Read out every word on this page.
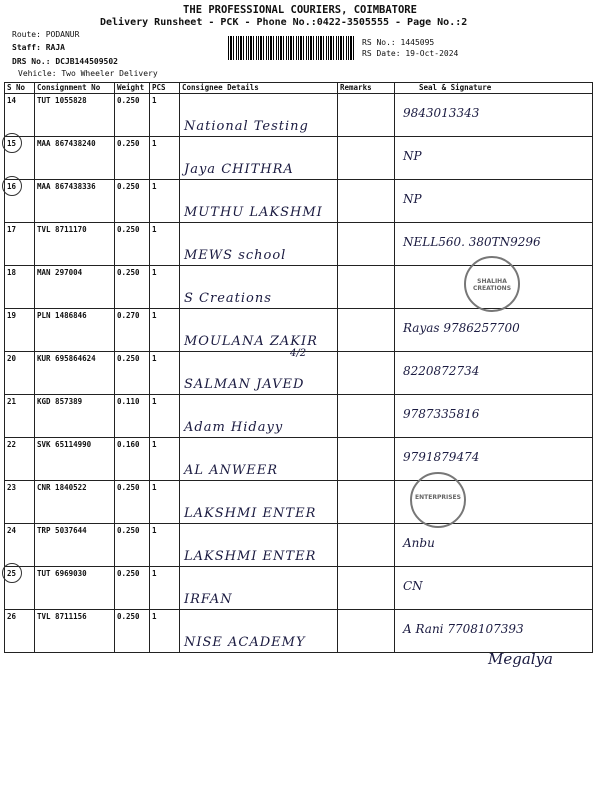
THE PROFESSIONAL COURIERS, COIMBATORE
Delivery Runsheet - PCK - Phone No.:0422-3505555 - Page No.:2
Route: PODANUR
Staff: RAJA
DRS No.: DCJB144509502
Vehicle: Two Wheeler Delivery
RS No.: 1445095
RS Date: 19-Oct-2024
S No	Consignment No	Weight	PCS	Consignee Details	Remarks	Seal & Signature

14	TUT 1055828	0.250	1	National Testing		9843013343

15	MAA 867438240	0.250	1	Jaya CHITHRA		NP

16	MAA 867438336	0.250	1	MUTHU LAKSHMI		NP

17	TVL 8711170	0.250	1	MEWS school		NELL560. 380TN9296

18	MAN 297004	0.250	1	S Creations		

19	PLN 1486846	0.270	1	MOULANA ZAKIR		Rayas 9786257700

20	KUR 695864624	0.250	1	SALMAN JAVED		8220872734

21	KGD 857389	0.110	1	Adam Hidayy		9787335816

22	SVK 65114990	0.160	1	AL ANWEER		9791879474

23	CNR 1840522	0.250	1	LAKSHMI ENTER		

24	TRP 5037644	0.250	1	LAKSHMI ENTER		Anbu

25	TUT 6969030	0.250	1	IRFAN		CN

26	TVL 8711156	0.250	1	NISE ACADEMY		A Rani 7708107393
4/2
SHALIHA CREATIONS
ENTERPRISES
Megalya
